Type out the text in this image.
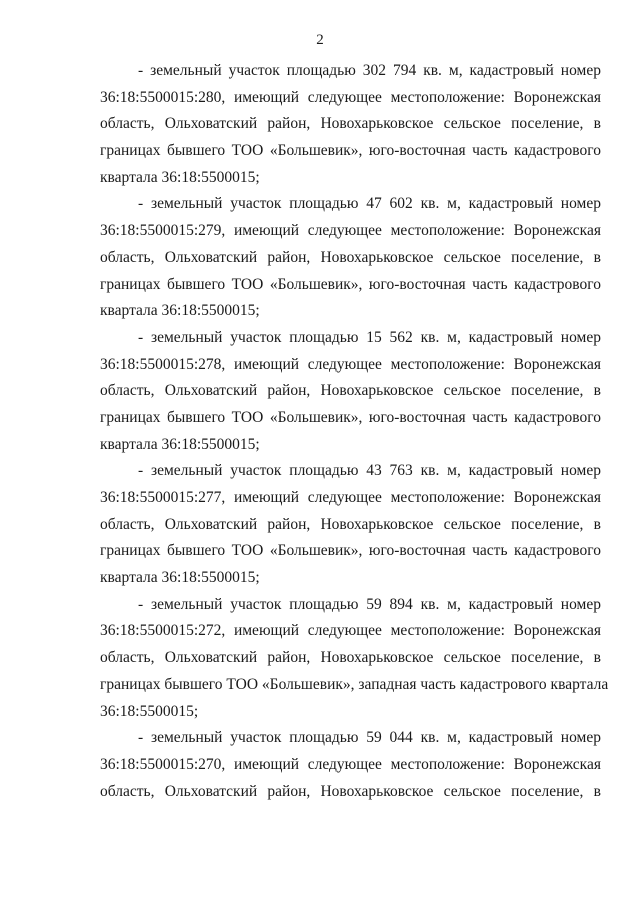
2

- земельный участок площадью 302 794 кв. м, кадастровый номер
36:18:5500015:280, имеющий следующее местоположение: Воронежская
область, Ольховатский район, Новохарьковское сельское поселение, в
границах бывшего ТОО «Большевик», юго-восточная часть кадастрового
квартала 36:18:5500015;

- земельный участок площадью 47 602 кв. м, кадастровый номер
36:18:5500015:279, имеющий следующее местоположение: Воронежская
область, Ольховатский район, Новохарьковское сельское поселение, в
границах бывшего ТОО «Большевик», юго-восточная часть кадастрового
квартала 36:18:5500015;

- земельный участок площадью 15 562 кв. м, кадастровый номер
36:18:5500015:278, имеющий следующее местоположение: Воронежская
область, Ольховатский район, Новохарьковское сельское поселение, в
границах бывшего ТОО «Большевик», юго-восточная часть кадастрового
квартала 36:18:5500015;

- земельный участок площадью 43 763 кв. м, кадастровый номер
36:18:5500015:277, имеющий следующее местоположение: Воронежская
область, Ольховатский район, Новохарьковское сельское поселение, в
границах бывшего ТОО «Большевик», юго-восточная часть кадастрового
квартала 36:18:5500015;

- земельный участок площадью 59 894 кв. м, кадастровый номер
36:18:5500015:272, имеющий следующее местоположение: Воронежская
область, Ольховатский район, Новохарьковское сельское поселение, в
границах бывшего ТОО «Большевик», западная часть кадастрового квартала
36:18:5500015;

- земельный участок площадью 59 044 кв. м, кадастровый номер
36:18:5500015:270, имеющий следующее местоположение: Воронежская
область, Ольховатский район, Новохарьковское сельское поселение, в
